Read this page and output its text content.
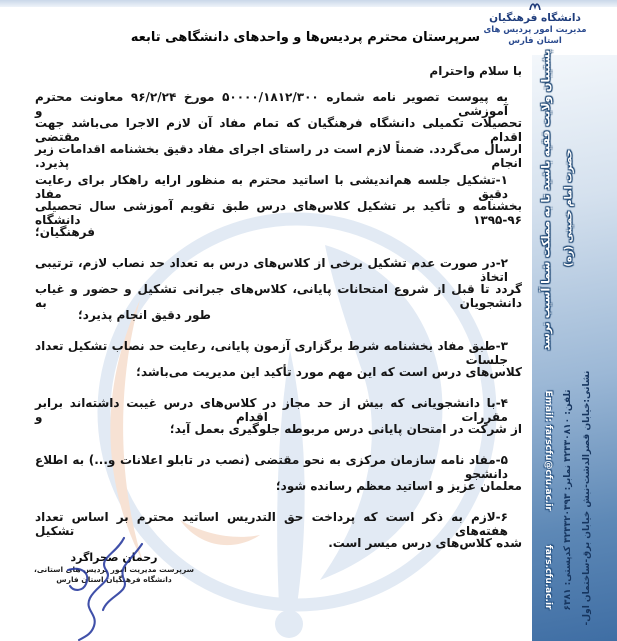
دانشگاه فرهنگیان
مدیریت امور پردیس های
استان فارس
پشتیبان ولایت فقیه باشید تا به مملکت شما آسیب نرسد حضرت امام خمینی (ره)
نشانی:خیابان قصرالدشت-نبش خیابان برق-ساختمان اول-
تلفن: ۳۲۳۳۰۸۱۰ نمابر: ۳۲۳۳۲۰۳۹۳ کدپستی: ۶۳۸۱
Email: farscfu@cfu.ac.irfars.cfu.ac.ir
سرپرستان محترم پردیس‌ها و واحدهای دانشگاهی تابعه
با سلام واحترام
به پیوست تصویر نامه شماره ۵۰۰۰۰/۱۸۱۲/۳۰۰ مورخ ۹۶/۲/۲۴ معاونت محترم آموزشی و
تحصیلات تکمیلی دانشگاه فرهنگیان که تمام مفاد آن لازم الاجرا می‌باشد جهت اقدام مقتضی
ارسال می‌گردد. ضمناً لازم است در راستای اجرای مفاد دقیق بخشنامه اقدامات زیر انجام پذیرد.
۱-تشکیل جلسه هم‌اندیشی با اساتید محترم به منظور ارایه راهکار برای رعایت دقیق مفاد
بخشنامه و تأکید بر تشکیل کلاس‌های درس طبق تقویم آموزشی سال تحصیلی ۹۶-۱۳۹۵ دانشگاه
فرهنگیان؛
۲-در صورت عدم تشکیل برخی از کلاس‌های درس به تعداد حد نصاب لازم، ترتیبی اتخاذ
گردد تا قبل از شروع امتحانات پایانی، کلاس‌های جبرانی تشکیل و حضور و غیاب دانشجویان به
طور دقیق انجام پذیرد؛
۳-طبق مفاد بخشنامه شرط برگزاری آزمون پایانی، رعایت حد نصاب تشکیل تعداد جلسات
کلاس‌های درس است که این مهم مورد تأکید این مدیریت می‌باشد؛
۴-با دانشجویانی که بیش از حد مجاز در کلاس‌های درس غیبت داشته‌اند برابر مقررات اقدام و
از شرکت در امتحان پایانی درس مربوطه جلوگیری بعمل آید؛
۵-مفاد نامه سازمان مرکزی به نحو مقتضی (نصب در تابلو اعلانات و...) به اطلاع دانشجو
معلمان عزیز و اساتید معظم رسانده شود؛
۶-لازم به ذکر است که پرداخت حق التدریس اساتید محترم بر اساس تعداد هفته‌های تشکیل
شده کلاس‌های درس میسر است.
رحمان صحراگرد
سرپرست مدیریت امور پردیس های استانی،
دانشگاه فرهنگیان استان فارس
